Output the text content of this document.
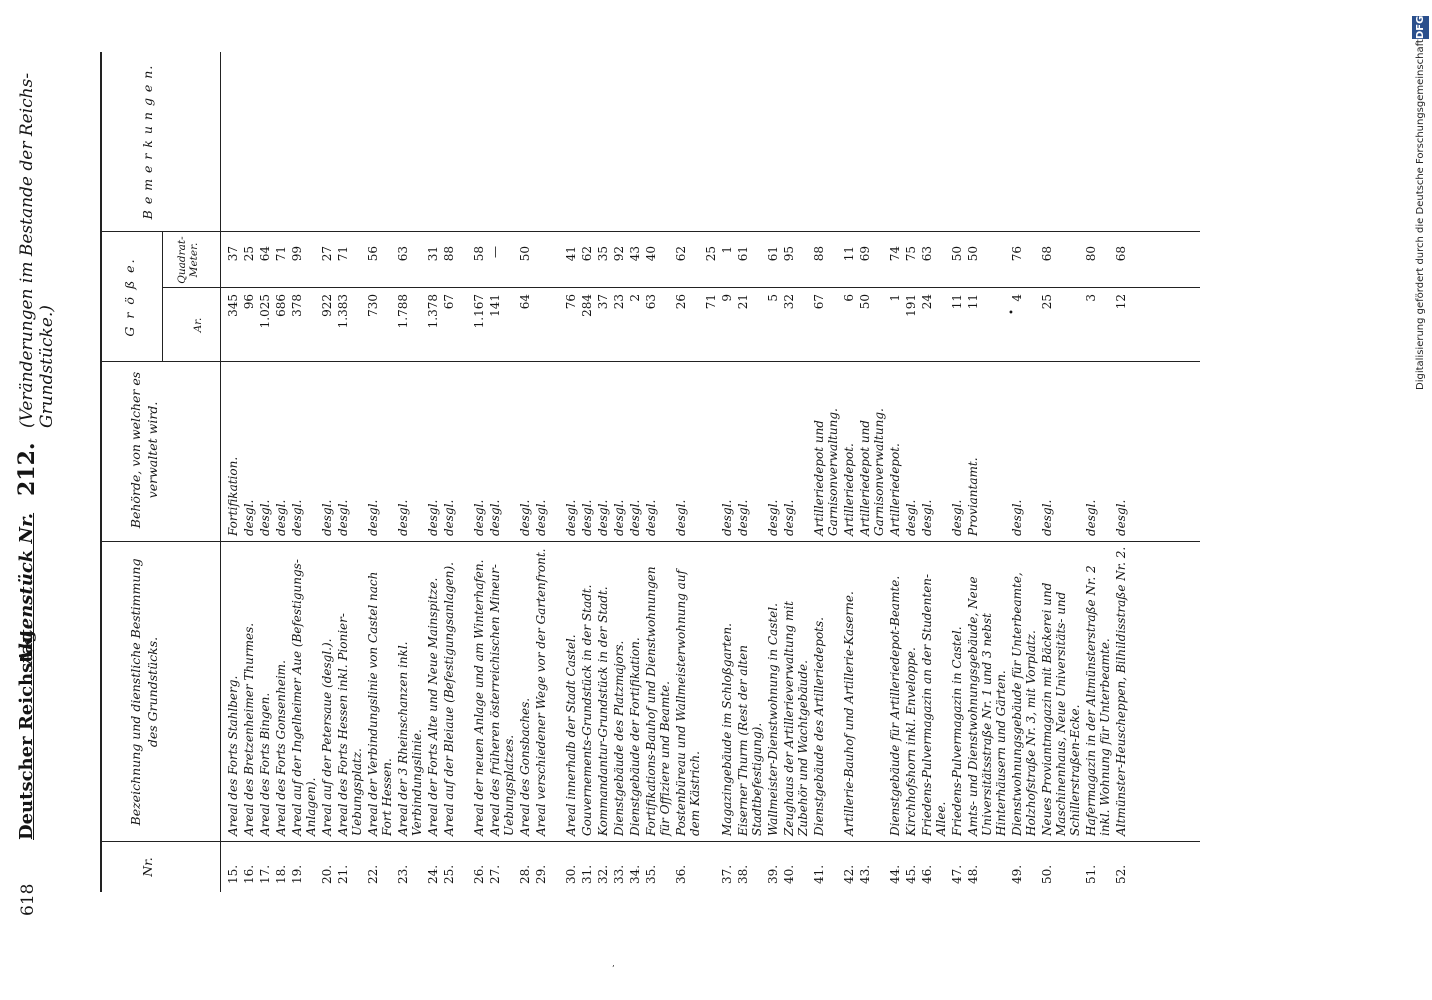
618
Deutscher Reichstag.
Aktenstück Nr.
212.
(Veränderungen im Bestande der Reichs-Grundstücke.)
Nr.
Bezeichnung und dienstliche Bestimmung des Grundstücks.
Behörde, von welcher es verwaltet wird.
G r ö ß e.	Ar.
Quadrat-Meter.
B e m e r k u n g e n.
15.
Areal des Forts Stahlberg.
Fortifikation.
345
37
16.
Areal des Bretzenheimer Thurmes.
desgl.
96
25
17.
Areal des Forts Bingen.
desgl.
1.025
64
18.
Areal des Forts Gonsenheim.
desgl.
686
71
19.
Areal auf der Ingelheimer Aue (Befestigungs-Anlagen).
desgl.
378
99
20.
Areal auf der Petersaue (desgl.).
desgl.
922
27
21.
Areal des Forts Hessen inkl. Pionier-Uebungsplatz.
desgl.
1.383
71
22.
Areal der Verbindungslinie von Castel nach Fort Hessen.
desgl.
730
56
23.
Areal der 3 Rheinschanzen inkl. Verbindungslinie.
desgl.
1.788
63
24.
Areal der Forts Alte und Neue Mainspitze.
desgl.
1.378
31
25.
Areal auf der Bleiaue (Befestigungsanlagen).
desgl.
67
88
26.
Areal der neuen Anlage und am Winterhafen.
desgl.
1.167
58
27.
Areal des früheren österreichischen Mineur-Uebungsplatzes.
desgl.
141
—
28.
Areal des Gonsbaches.
desgl.
64
50
29.
Areal verschiedener Wege vor der Gartenfront.
desgl.
30.
Areal innerhalb der Stadt Castel.
desgl.
76
41
31.
Gouvernements-Grundstück in der Stadt.
desgl.
284
62
32.
Kommandantur-Grundstück in der Stadt.
desgl.
37
35
33.
Dienstgebäude des Platzmajors.
desgl.
23
92
34.
Dienstgebäude der Fortifikation.
desgl.
2
43
35.
Fortifikations-Bauhof und Dienstwohnungen für Offiziere und Beamte.
desgl.
63
40
36.
Postenbüreau und Wallmeisterwohnung auf dem Kästrich.
desgl.
26
62
71
25
37.
Magazingebäude im Schloßgarten.
desgl.
9
1
38.
Eiserner Thurm (Rest der alten Stadtbefestigung).
desgl.
21
61
39.
Wallmeister-Dienstwohnung in Castel.
desgl.
5
61
40.
Zeughaus der Artillerieverwaltung mit Zubehör und Wachtgebäude.
desgl.
32
95
41.
Dienstgebäude des Artilleriedepots.
Artilleriedepot und Garnisonverwaltung.
67
88
42.
Artillerie-Bauhof und Artillerie-Kaserne.
Artilleriedepot.
6
11
43.
Artilleriedepot und Garnisonverwaltung.
50
69
44.
Dienstgebäude für Artilleriedepot-Beamte.
Artilleriedepot.
1
74
45.
Kirchhofshorn inkl. Enveloppe.
desgl.
191
75
46.
Friedens-Pulvermagazin an der Studenten-Allee.
desgl.
24
63
47.
Friedens-Pulvermagazin in Castel.
desgl.
11
50
48.
Amts- und Dienstwohnungsgebäude, Neue Universitätsstraße Nr. 1 und 3 nebst Hinterhäusern und Gärten.
Proviantamt.
11
50
49.
Dienstwohnungsgebäude für Unterbeamte, Holzhofstraße Nr. 3, mit Vorplatz.
desgl.
4
76
50.
Neues Proviantmagazin mit Bäckerei und Maschinenhaus, Neue Universitäts- und Schillerstraßen-Ecke.
desgl.
25
68
51.
Hafermagazin in der Altmünsterstraße Nr. 2 inkl. Wohnung für Unterbeamte.
desgl.
3
80
52.
Altmünster-Heuscheppen, Bilhildisstraße Nr. 2.
desgl.
12
68	Digitalisierung gefördert durch die Deutsche ForschungsgemeinschaftDFG
’
•
